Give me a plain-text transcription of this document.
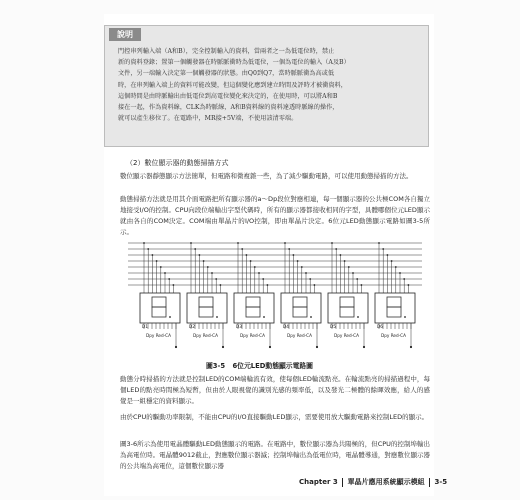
說明
門控串列輸入端（A和B），完全控制輸入的資料，當兩者之一為低電位時，禁止
新的資料登錄；置第一個觸發器在時脈脈衝時為低電位，一個為電位的輸入（A及B）
文件，另一端輸入決定第一個觸發器的狀態。由Q0到Q7，當時脈脈衝為高或低
時，在串列輸入端上的資料可能改變，但這個變化應到建立時間及評時才被衝資料，
這個時間是由時脈輸出由低電位到高電位變化來決定的，在使用時，可以將A和B
接在一起，作為資料線，CLK為時脈線，A和B資料線的資料達透時脈線的操作，
就可以產生移位了。在電路中，MR接+5V端，不使用該清零端。
（2）數位顯示器的動態掃描方式

數位顯示器靜態顯示方法簡單，但電路和微複雜一些，為了減少驅動電路，可以使用動態掃描的方法。

動態掃描方法就是用其介面電路把所有顯示器的a～Dp段位對應相連，每一個顯示器的公共極COM各自獨立地接受I/O的控制。CPU向段位端輸出字型代碼時，所有的顯示器都接收相同的字型，具體哪個位元LED顯示就由各自的COM決定。COM端由單晶片的I/O控制，即由單晶片決定。6位元LED動態顯示電路如圖3-5所示。

D1
Dpy Red-CA
D2
Dpy Red-CA
D3
Dpy Red-CA
D4
Dpy Red-CA
D5
Dpy Red-CA
D6
Dpy Red-CA
圖3-5 6位元LED動態顯示電路圖

動態分時掃描的方法就是控制LED的COM端輪流有效，使每個LED輪流點亮。在輪流點亮的掃描過程中，每個LED的點亮時間極為短暫，但由於人眼視覺的識別光感的頻率低，以及發光二極體的餘暉效應，給人的感覺是一組穩定的資料顯示。

由於CPU的驅動功率限制，不能由CPU的I/O直接驅動LED顯示，需要使用放大驅動電路來控制LED的顯示。

圖3-6所示為使用電晶體驅動LED動態顯示的電路。在電路中，數位顯示器為共陽極的，但CPU的控制埠輸出為高電位時。電晶體9012截止，對應數位顯示器滅；控制埠輸出為低電位時，電晶體導通，對應數位顯示器的公共端為高電位，這個數位顯示器

Chapter 3 單晶片應用系統顯示模組 3-5
